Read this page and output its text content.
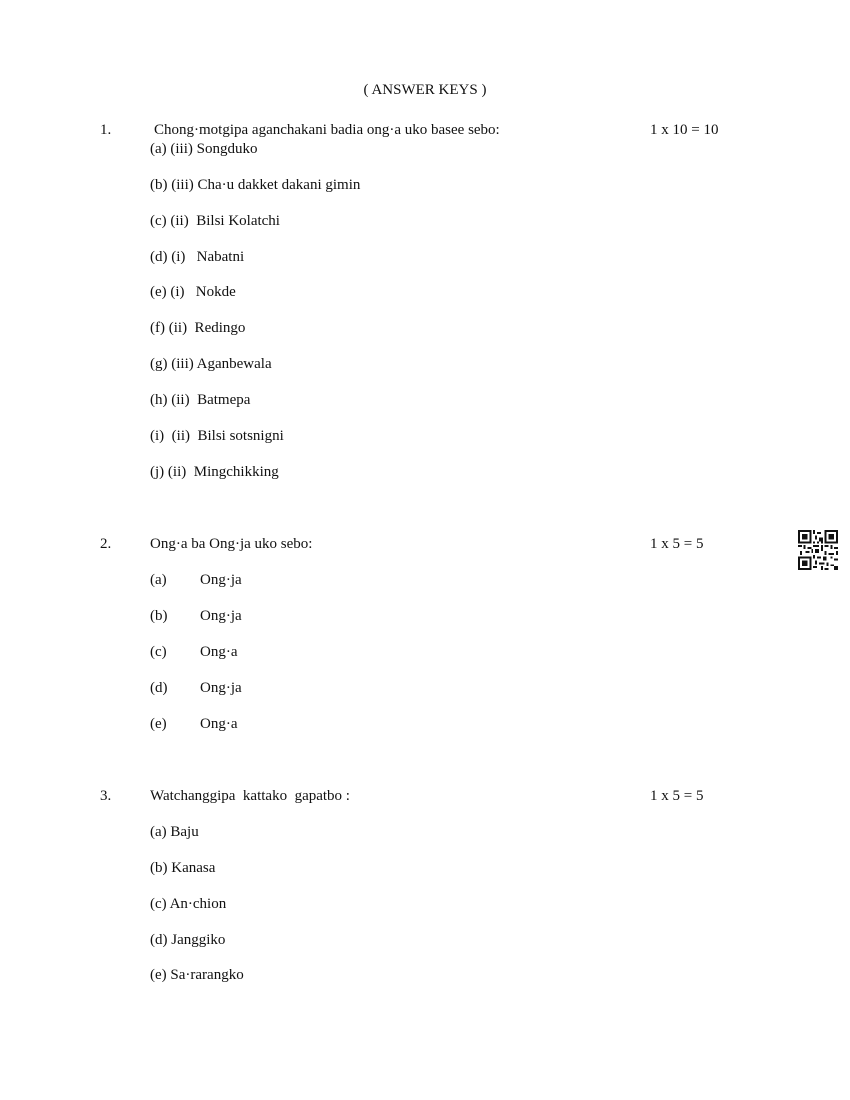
( ANSWER KEYS )
1.	Chong·motgipa aganchakani badia ong·a uko basee sebo:	1 x 10 = 10
(a) (iii) Songduko
(b) (iii) Cha·u dakket dakani gimin
(c) (ii)  Bilsi Kolatchi
(d) (i)   Nabatni
(e) (i)   Nokde
(f) (ii)  Redingo
(g) (iii) Aganbewala
(h) (ii)  Batmepa
(i)  (ii)  Bilsi sotsnigni
(j) (ii)  Mingchikking
2.	Ong·a ba Ong·ja uko sebo:	1 x 5 = 5
(a) Ong·ja
(b) Ong·ja
(c) Ong·a
(d) Ong·ja
(e) Ong·a
3.	Watchanggipa  kattako  gapatbo :	1 x 5 = 5
(a) Baju
(b) Kanasa
(c) An·chion
(d) Janggiko
(e) Sa·rarangko
